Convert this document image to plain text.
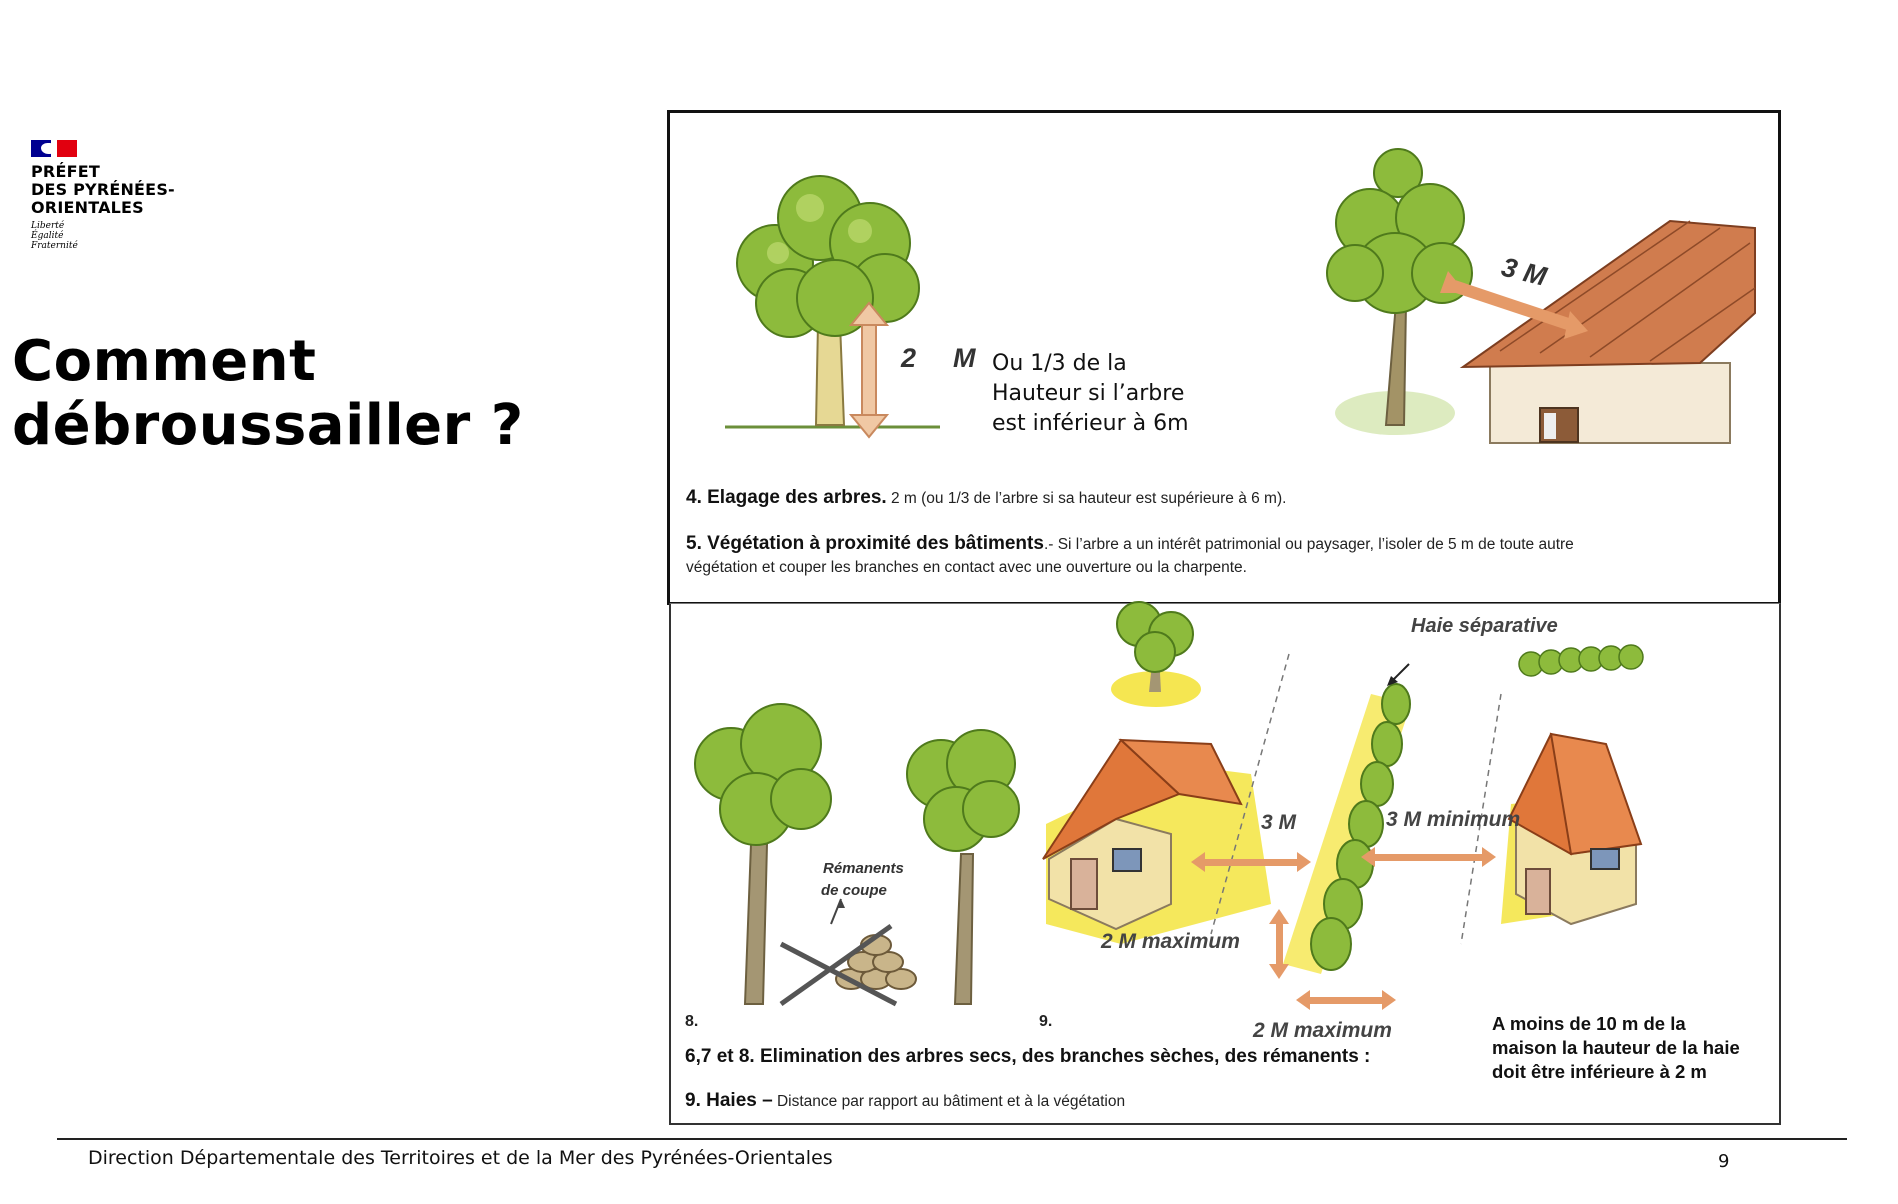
PRÉFET
DES PYRÉNÉES-
ORIENTALES
Liberté
Égalité
Fraternité
Comment
débroussailler ?
2 M
3 M
Ou 1/3 de la
Hauteur si l’arbre
est inférieur à 6m
4. Elagage des arbres. 2 m (ou 1/3 de l’arbre si sa hauteur est supérieure à 6 m).
5. Végétation à proximité des bâtiments.- Si l’arbre a un intérêt patrimonial ou paysager, l’isoler de 5 m de toute autre
végétation et couper les branches en contact avec une ouverture ou la charpente.
Rémanents
de coupe
8.	9.
Haie séparative
3 M	3 M minimum
2 M maximum
2 M maximum	A moins de 10 m de la
maison la hauteur de la haie
doit être inférieure à 2 m
6,7 et 8. Elimination des arbres secs, des branches sèches, des rémanents :
9. Haies – Distance par rapport au bâtiment et à la végétation
Direction Départementale des Territoires et de la Mer des Pyrénées-Orientales	9
